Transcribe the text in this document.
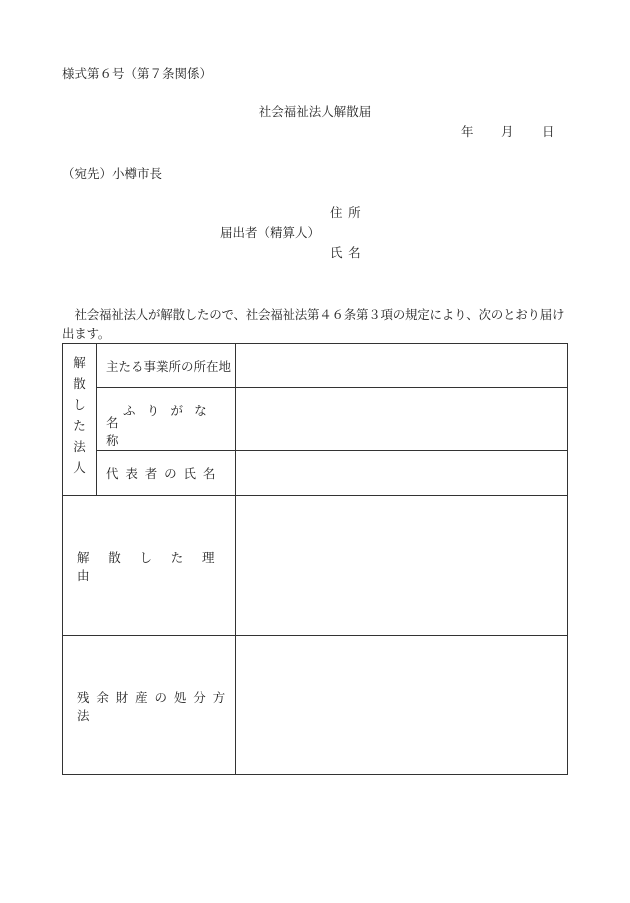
様式第６号（第７条関係）
社会福祉法人解散届
年 月 日
（宛先）小樽市長
住所
届出者（精算人）
氏名
社会福祉法人が解散したので、社会福祉法第４６条第３項の規定により、次のとおり届け出ます。
解
散
し
た
法
人
主たる事業所の所在地
ふりがな
名称
代表者の氏名
解散した理由
残余財産の処分方法
